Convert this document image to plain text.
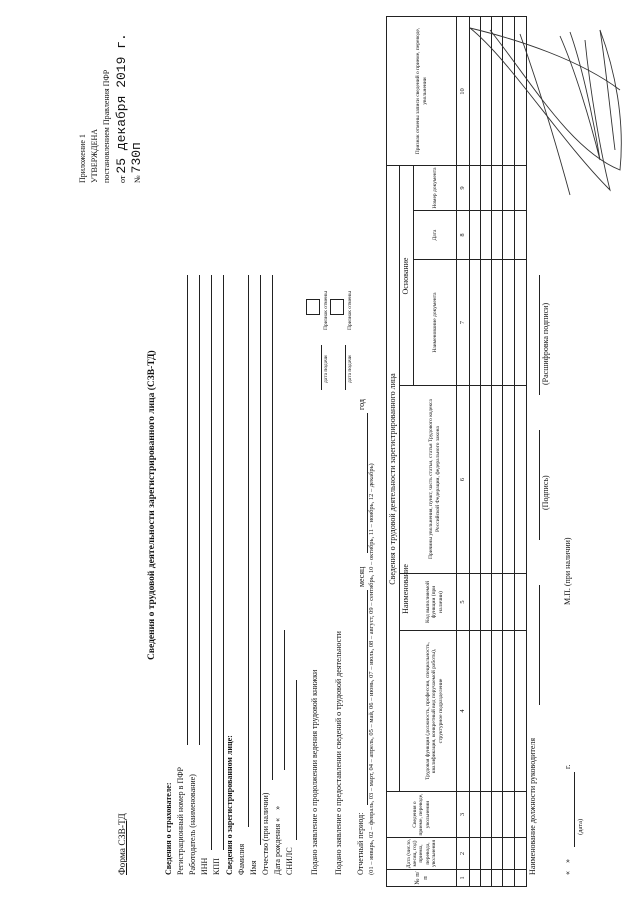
Приложение 1 УТВЕРЖДЕНА постановлением Правления ПФР от 25 декабря 2019 г.
№ 730п
Форма СЗВ-ТД
Сведения о трудовой деятельности зарегистрированного лица (СЗВ-ТД)
Сведения о страхователе: Регистрационный номер в ПФР Работодатель (наименование) ИНН КПП Сведения о зарегистрированном лице: Фамилия Имя Отчество (при наличии) Дата рождения «    »
СНИЛС Подано заявление о продолжении ведения трудовой книжки
дата подачи
Признак отмены
Подано заявление о предоставлении сведений о трудовой деятельности
дата подачи
Признак отмены
Отчетный период:
месяц
год
(01 – январь, 02 – февраль, 03 – март, 04 – апрель, 05 – май, 06 – июнь, 07 – июль, 08 – август, 09 – сентябрь, 10 – октябрь, 11 – ноябрь, 12 – декабрь) Сведения о трудовой деятельности зарегистрированного лица
Наименование
Основание
№ п/п
Дата (число, месяц, год) приема, перевода, увольнения
Сведения о приеме, переводе, увольнении
Трудовая функция (должность, профессия, специальность, квалификация, конкретный вид поручаемой работы), структурное подразделение
Код выполняемой функции (при наличии)
Причины увольнения, пункт, часть статьи, статья Трудового кодекса Российской Федерации, федерального закона
Наименование документа
Дата
Номер документа
Признак отмены записи сведений о приеме, переводе, увольнении
1
2
3
4
5
6
7
8
9
10
Наименование должности руководителя
(Подпись)
(Расшифровка подписи)
«    »
г.
(дата)
М.П. (при наличии)
